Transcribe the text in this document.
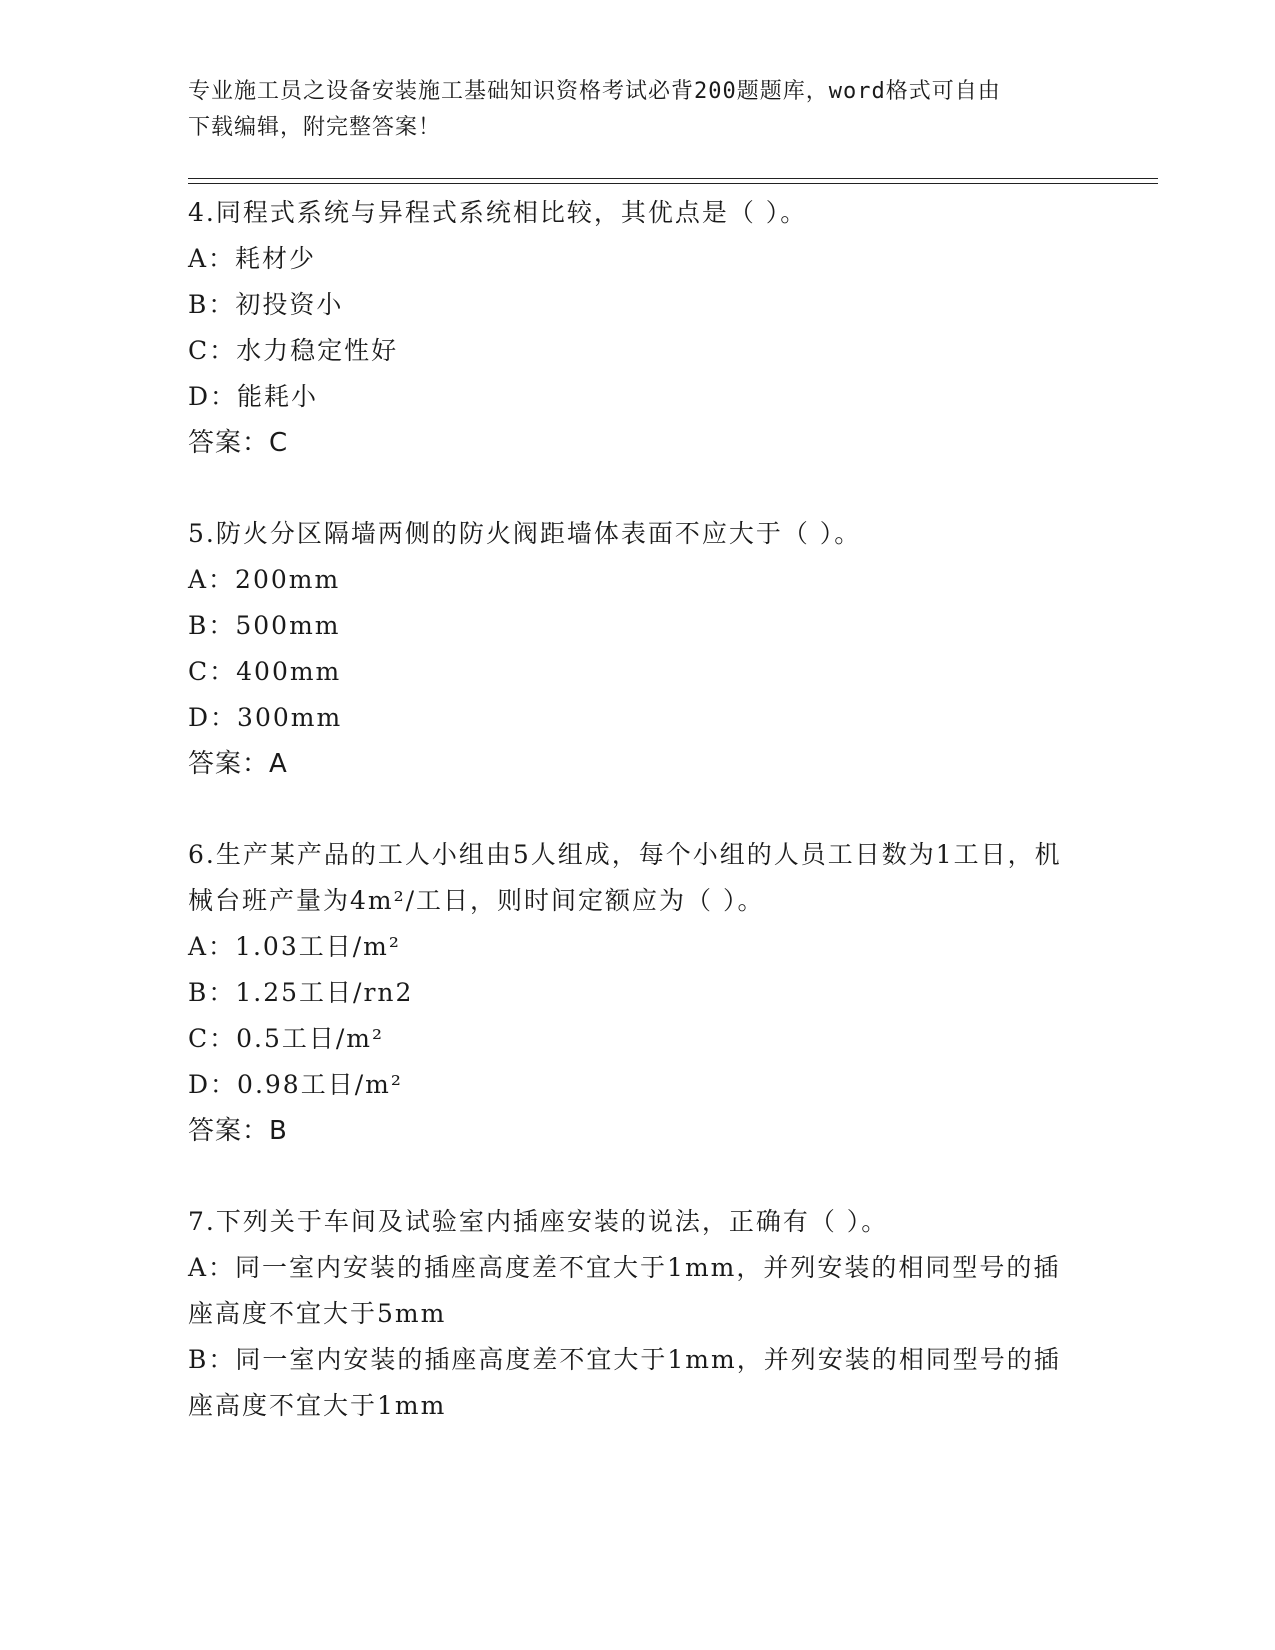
专业施工员之设备安装施工基础知识资格考试必背200题题库，word格式可自由
下载编辑，附完整答案！
4.同程式系统与异程式系统相比较，其优点是（ ）。
A：耗材少
B：初投资小
C：水力稳定性好
D：能耗小
答案：C
5.防火分区隔墙两侧的防火阀距墙体表面不应大于（ ）。
A：200mm
B：500mm
C：400mm
D：300mm
答案：A
6.生产某产品的工人小组由5人组成，每个小组的人员工日数为1工日，机械台班产量为4m²/工日，则时间定额应为（ ）。
A：1.03工日/m²
B：1.25工日/rn2
C：0.5工日/m²
D：0.98工日/m²
答案：B
7.下列关于车间及试验室内插座安装的说法，正确有（ ）。
A：同一室内安装的插座高度差不宜大于1mm，并列安装的相同型号的插座高度不宜大于5mm
B：同一室内安装的插座高度差不宜大于1mm，并列安装的相同型号的插座高度不宜大于1mm
